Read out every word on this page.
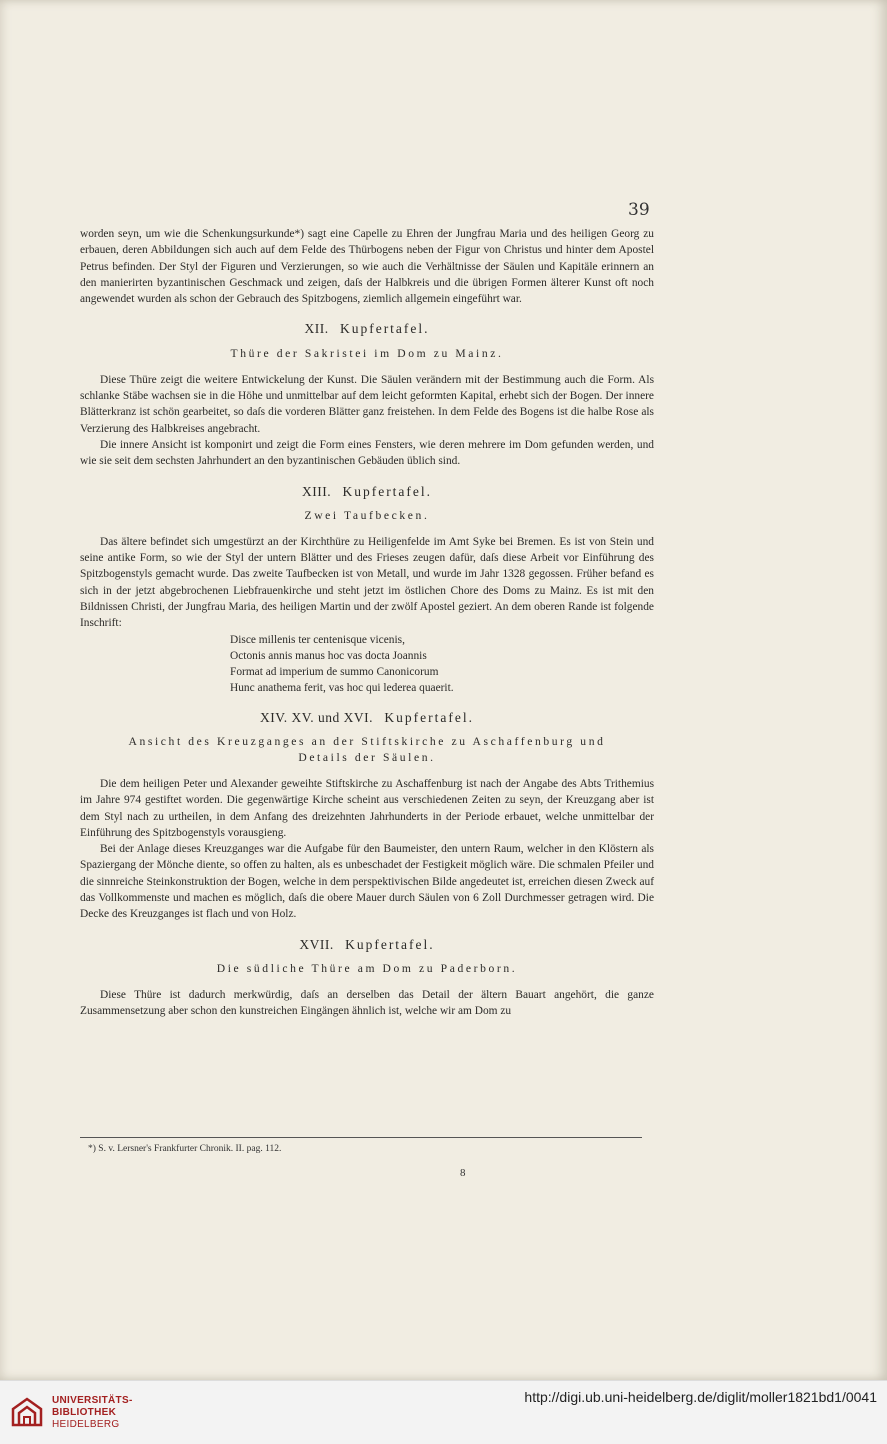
39

worden seyn, um wie die Schenkungsurkunde*) sagt eine Capelle zu Ehren der Jungfrau Maria und des heiligen Georg zu erbauen, deren Abbildungen sich auch auf dem Felde des Thürbogens neben der Figur von Christus und hinter dem Apostel Petrus befinden. Der Styl der Figuren und Verzierungen, so wie auch die Verhältnisse der Säulen und Kapitäle erinnern an den manierirten byzantinischen Geschmack und zeigen, daſs der Halbkreis und die übrigen Formen älterer Kunst oft noch angewendet wurden als schon der Gebrauch des Spitzbogens, ziemlich allgemein eingeführt war.

XII. Kupfertafel.
Thüre der Sakristei im Dom zu Mainz.

Diese Thüre zeigt die weitere Entwickelung der Kunst. Die Säulen verändern mit der Bestimmung auch die Form. Als schlanke Stäbe wachsen sie in die Höhe und unmittelbar auf dem leicht geformten Kapital, erhebt sich der Bogen. Der innere Blätterkranz ist schön gearbeitet, so daſs die vorderen Blätter ganz freistehen. In dem Felde des Bogens ist die halbe Rose als Verzierung des Halbkreises angebracht.

Die innere Ansicht ist komponirt und zeigt die Form eines Fensters, wie deren mehrere im Dom gefunden werden, und wie sie seit dem sechsten Jahrhundert an den byzantinischen Gebäuden üblich sind.

XIII. Kupfertafel.
Zwei Taufbecken.

Das ältere befindet sich umgestürzt an der Kirchthüre zu Heiligenfelde im Amt Syke bei Bremen. Es ist von Stein und seine antike Form, so wie der Styl der untern Blätter und des Frieses zeugen dafür, daſs diese Arbeit vor Einführung des Spitzbogenstyls gemacht wurde. Das zweite Taufbecken ist von Metall, und wurde im Jahr 1328 gegossen. Früher befand es sich in der jetzt abgebrochenen Liebfrauenkirche und steht jetzt im östlichen Chore des Doms zu Mainz. Es ist mit den Bildnissen Christi, der Jungfrau Maria, des heiligen Martin und der zwölf Apostel geziert. An dem oberen Rande ist folgende Inschrift:

Disce millenis ter centenisque vicenis,
Octonis annis manus hoc vas docta Joannis
Format ad imperium de summo Canonicorum
Hunc anathema ferit, vas hoc qui lederea quaerit.
XIV. XV. und XVI. Kupfertafel.
Ansicht des Kreuzganges an der Stiftskirche zu Aschaffenburg und
Details der Säulen.

Die dem heiligen Peter und Alexander geweihte Stiftskirche zu Aschaffenburg ist nach der Angabe des Abts Trithemius im Jahre 974 gestiftet worden. Die gegenwärtige Kirche scheint aus verschiedenen Zeiten zu seyn, der Kreuzgang aber ist dem Styl nach zu urtheilen, in dem Anfang des dreizehnten Jahrhunderts in der Periode erbauet, welche unmittelbar der Einführung des Spitzbogenstyls vorausgieng.

Bei der Anlage dieses Kreuzganges war die Aufgabe für den Baumeister, den untern Raum, welcher in den Klöstern als Spaziergang der Mönche diente, so offen zu halten, als es unbeschadet der Festigkeit möglich wäre. Die schmalen Pfeiler und die sinnreiche Steinkonstruktion der Bogen, welche in dem perspektivischen Bilde angedeutet ist, erreichen diesen Zweck auf das Vollkommenste und machen es möglich, daſs die obere Mauer durch Säulen von 6 Zoll Durchmesser getragen wird. Die Decke des Kreuzganges ist flach und von Holz.

XVII. Kupfertafel.
Die südliche Thüre am Dom zu Paderborn.

Diese Thüre ist dadurch merkwürdig, daſs an derselben das Detail der ältern Bauart angehört, die ganze Zusammensetzung aber schon den kunstreichen Eingängen ähnlich ist, welche wir am Dom zu

*) S. v. Lersner's Frankfurter Chronik. II. pag. 112.
8
UNIVERSITÄTS-
BIBLIOTHEK
HEIDELBERG
http://digi.ub.uni-heidelberg.de/diglit/moller1821bd1/0041
